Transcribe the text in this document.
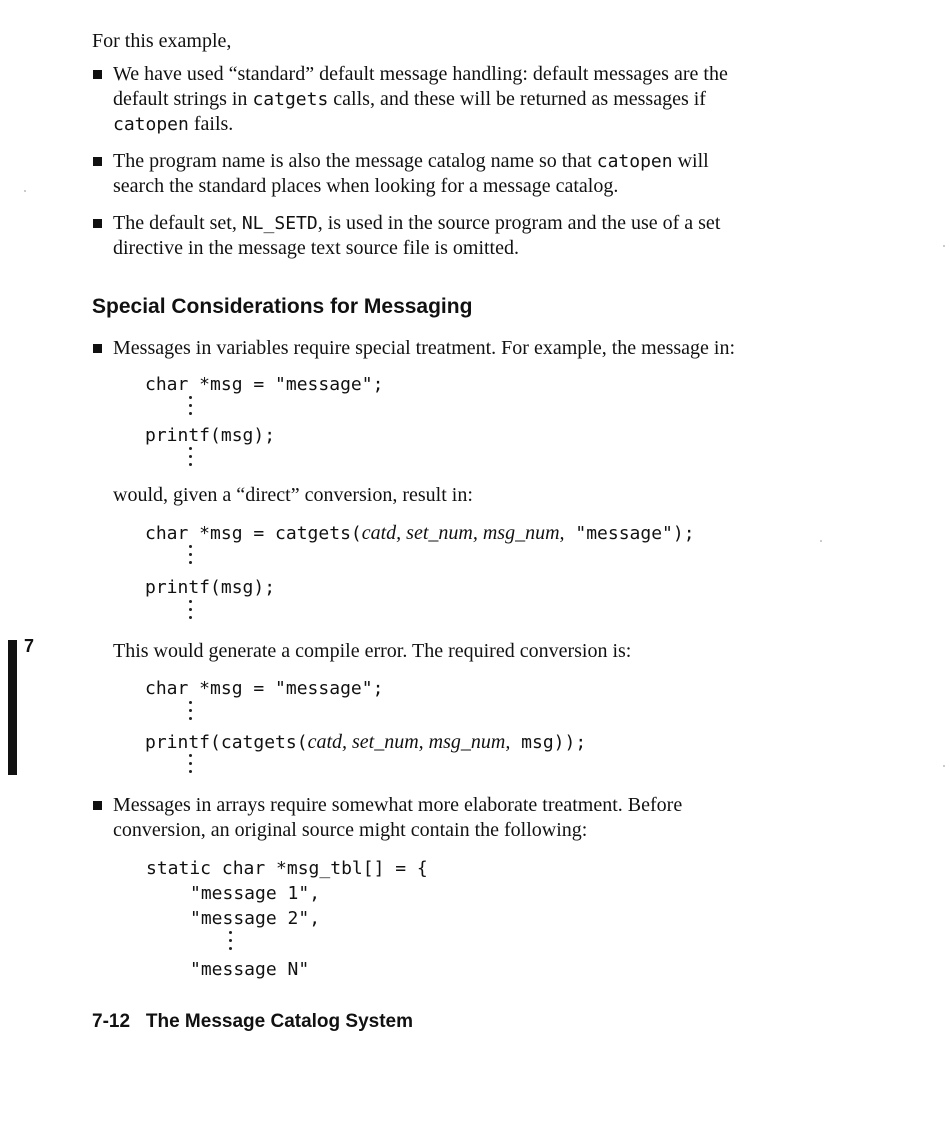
For this example,
We have used “standard” default message handling: default messages are the
default strings in catgets calls, and these will be returned as messages if
catopen fails.
The program name is also the message catalog name so that catopen will
search the standard places when looking for a message catalog.
The default set, NL_SETD, is used in the source program and the use of a set
directive in the message text source file is omitted.
Special Considerations for Messaging
Messages in variables require special treatment. For example, the message in:
char *msg = "message";
printf(msg);
would, given a “direct” conversion, result in:
char *msg = catgets(catd, set_num, msg_num, "message");
printf(msg);
7	This would generate a compile error. The required conversion is:
char *msg = "message";
printf(catgets(catd, set_num, msg_num, msg));
Messages in arrays require somewhat more elaborate treatment. Before
conversion, an original source might contain the following:
static char *msg_tbl[] = {
"message 1",
"message 2",
"message N"
7-12   The Message Catalog System
